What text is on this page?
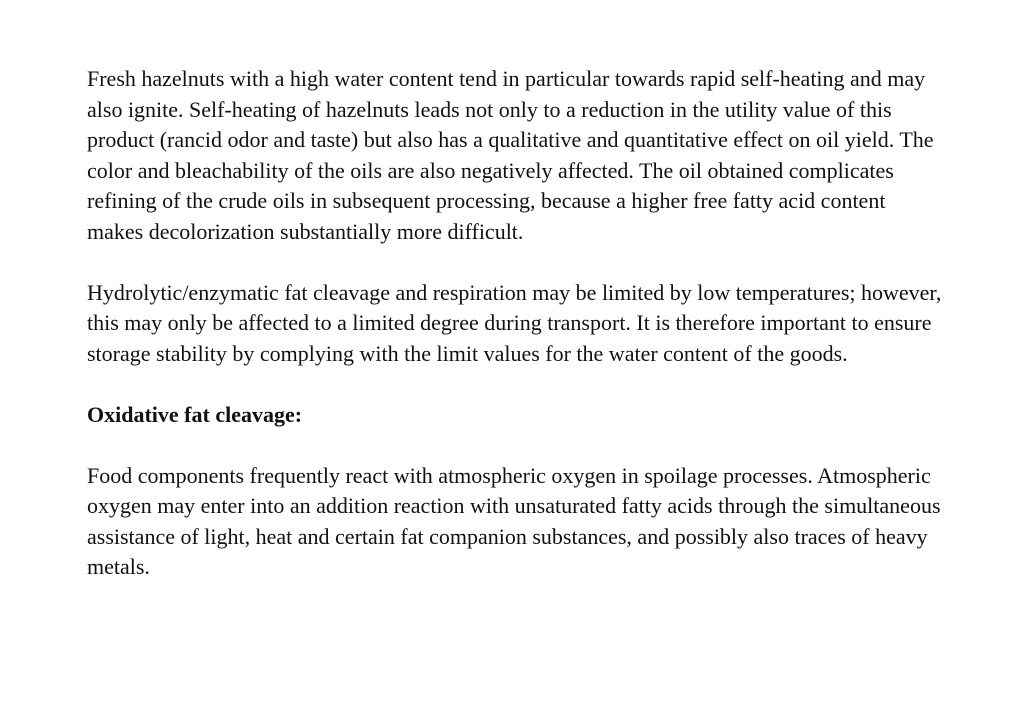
Fresh hazelnuts with a high water content tend in particular towards rapid self-heating and may also ignite. Self-heating of hazelnuts leads not only to a reduction in the utility value of this product (rancid odor and taste) but also has a qualitative and quantitative effect on oil yield. The color and bleachability of the oils are also negatively affected. The oil obtained complicates refining of the crude oils in subsequent processing, because a higher free fatty acid content makes decolorization substantially more difficult.

Hydrolytic/enzymatic fat cleavage and respiration may be limited by low temperatures; however, this may only be affected to a limited degree during transport. It is therefore important to ensure storage stability by complying with the limit values for the water content of the goods.

Oxidative fat cleavage:

Food components frequently react with atmospheric oxygen in spoilage processes. Atmospheric oxygen may enter into an addition reaction with unsaturated fatty acids through the simultaneous assistance of light, heat and certain fat companion substances, and possibly also traces of heavy metals.
